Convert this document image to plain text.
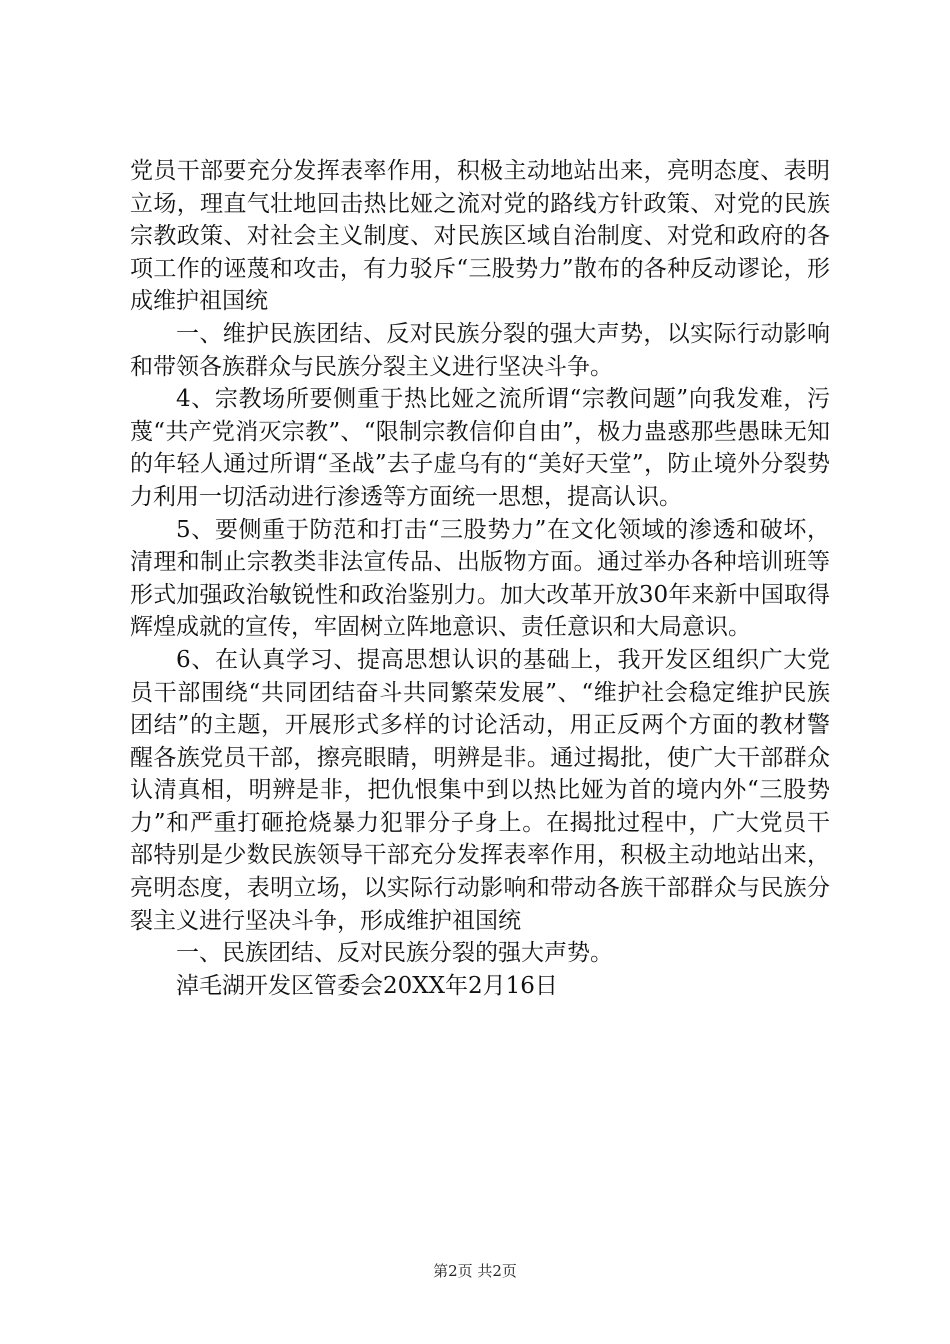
党员干部要充分发挥表率作用，积极主动地站出来，亮明态度、表明立场，理直气壮地回击热比娅之流对党的路线方针政策、对党的民族宗教政策、对社会主义制度、对民族区域自治制度、对党和政府的各项工作的诬蔑和攻击，有力驳斥“三股势力”散布的各种反动谬论，形成维护祖国统

一、维护民族团结、反对民族分裂的强大声势，以实际行动影响和带领各族群众与民族分裂主义进行坚决斗争。

4、宗教场所要侧重于热比娅之流所谓“宗教问题”向我发难，污蔑“共产党消灭宗教”、“限制宗教信仰自由”，极力蛊惑那些愚昧无知的年轻人通过所谓“圣战”去子虚乌有的“美好天堂”，防止境外分裂势力利用一切活动进行渗透等方面统一思想，提高认识。

5、要侧重于防范和打击“三股势力”在文化领域的渗透和破坏，清理和制止宗教类非法宣传品、出版物方面。通过举办各种培训班等形式加强政治敏锐性和政治鉴别力。加大改革开放30年来新中国取得辉煌成就的宣传，牢固树立阵地意识、责任意识和大局意识。

6、在认真学习、提高思想认识的基础上，我开发区组织广大党员干部围绕“共同团结奋斗共同繁荣发展”、“维护社会稳定维护民族团结”的主题，开展形式多样的讨论活动，用正反两个方面的教材警醒各族党员干部，擦亮眼睛，明辨是非。通过揭批，使广大干部群众认清真相，明辨是非，把仇恨集中到以热比娅为首的境内外“三股势力”和严重打砸抢烧暴力犯罪分子身上。在揭批过程中，广大党员干部特别是少数民族领导干部充分发挥表率作用，积极主动地站出来，亮明态度，表明立场，以实际行动影响和带动各族干部群众与民族分裂主义进行坚决斗争，形成维护祖国统

一、民族团结、反对民族分裂的强大声势。

淖毛湖开发区管委会20XX年2月16日

第2页 共2页
